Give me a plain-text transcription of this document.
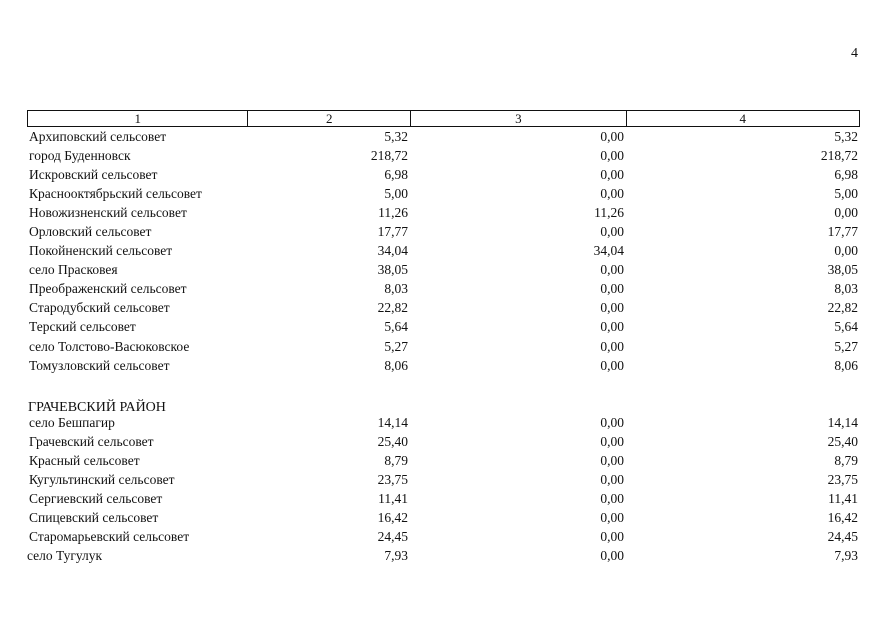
4
1	2	3	4
Архиповский сельсовет	5,32	0,00	5,32
город Буденновск	218,72	0,00	218,72
Искровский сельсовет	6,98	0,00	6,98
Краснооктябрьский сельсовет	5,00	0,00	5,00
Новожизненский сельсовет	11,26	11,26	0,00
Орловский сельсовет	17,77	0,00	17,77
Покойненский сельсовет	34,04	34,04	0,00
село Прасковея	38,05	0,00	38,05
Преображенский сельсовет	8,03	0,00	8,03
Стародубский сельсовет	22,82	0,00	22,82
Терский сельсовет	5,64	0,00	5,64
село Толстово-Васюковское	5,27	0,00	5,27
Томузловский сельсовет	8,06	0,00	8,06
ГРАЧЕВСКИЙ РАЙОН
село Бешпагир	14,14	0,00	14,14
Грачевский сельсовет	25,40	0,00	25,40
Красный сельсовет	8,79	0,00	8,79
Кугультинский сельсовет	23,75	0,00	23,75
Сергиевский сельсовет	11,41	0,00	11,41
Спицевский сельсовет	16,42	0,00	16,42
Старомарьевский сельсовет	24,45	0,00	24,45
село Тугулук	7,93	0,00	7,93
